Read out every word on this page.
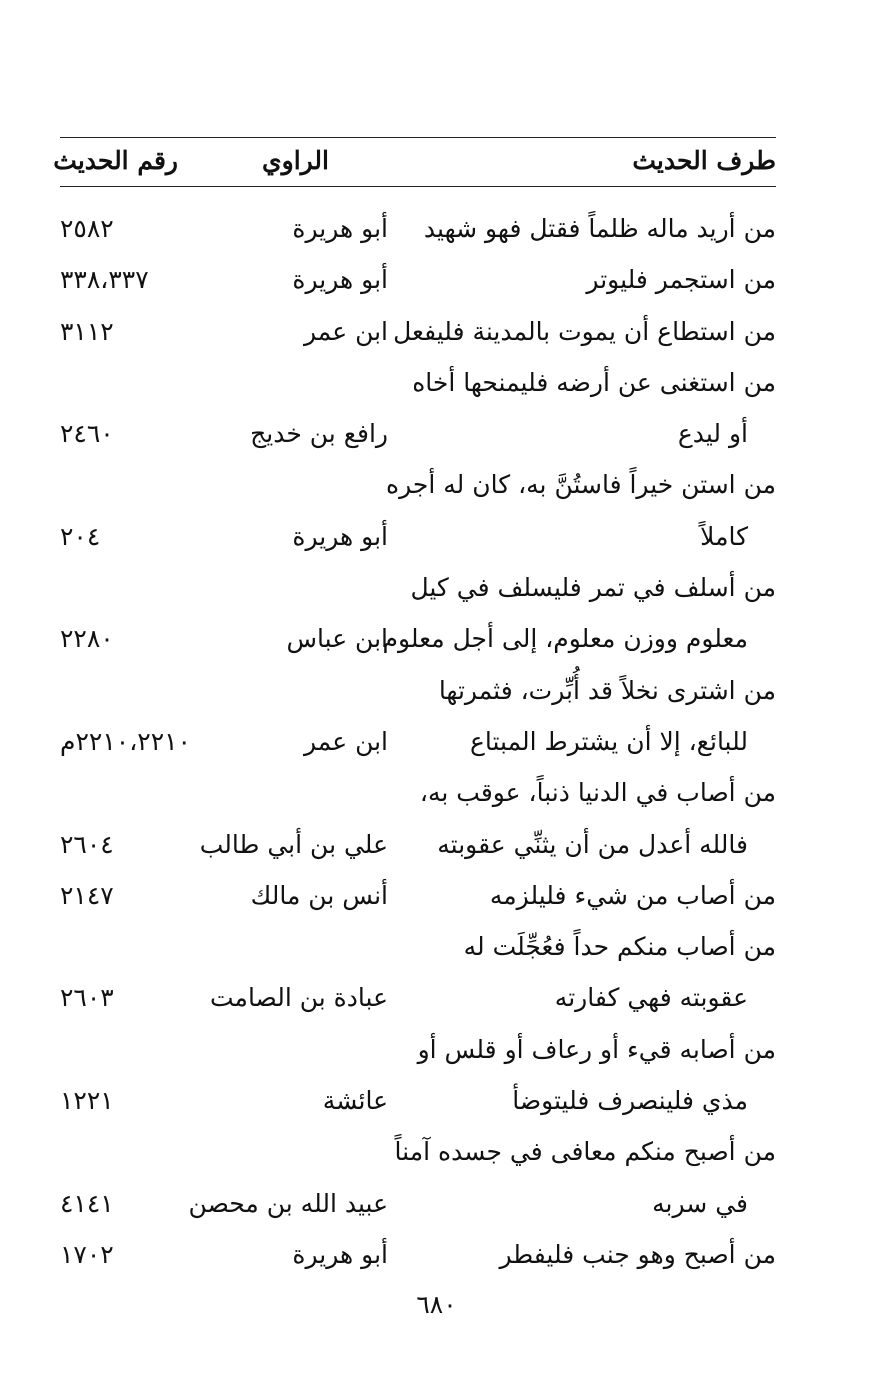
طرف الحديث
الراوي
رقم الحديث
من أريد ماله ظلماً فقتل فهو شهيد
أبو هريرة
٢٥٨٢
من استجمر فليوتر
أبو هريرة
٣٣٨،٣٣٧
من استطاع أن يموت بالمدينة فليفعل
ابن عمر
٣١١٢
من استغنى عن أرضه فليمنحها أخاه
أو ليدع
رافع بن خديج
٢٤٦٠
من استن خيراً فاستُنَّ به، كان له أجره
كاملاً
أبو هريرة
٢٠٤
من أسلف في تمر فليسلف في كيل
معلوم ووزن معلوم، إلى أجل معلوم
ابن عباس
٢٢٨٠
من اشترى نخلاً قد أُبِّرت، فثمرتها
للبائع، إلا أن يشترط المبتاع
ابن عمر
٢٢١٠،٢٢١٠م
من أصاب في الدنيا ذنباً، عوقب به،
فالله أعدل من أن يثنِّي عقوبته
علي بن أبي طالب
٢٦٠٤
من أصاب من شيء فليلزمه
أنس بن مالك
٢١٤٧
من أصاب منكم حداً فعُجِّلَت له
عقوبته فهي كفارته
عبادة بن الصامت
٢٦٠٣
من أصابه قيء أو رعاف أو قلس أو
مذي فلينصرف فليتوضأ
عائشة
١٢٢١
من أصبح منكم معافى في جسده آمناً
في سربه
عبيد الله بن محصن
٤١٤١
من أصبح وهو جنب فليفطر
أبو هريرة
١٧٠٢
٦٨٠
